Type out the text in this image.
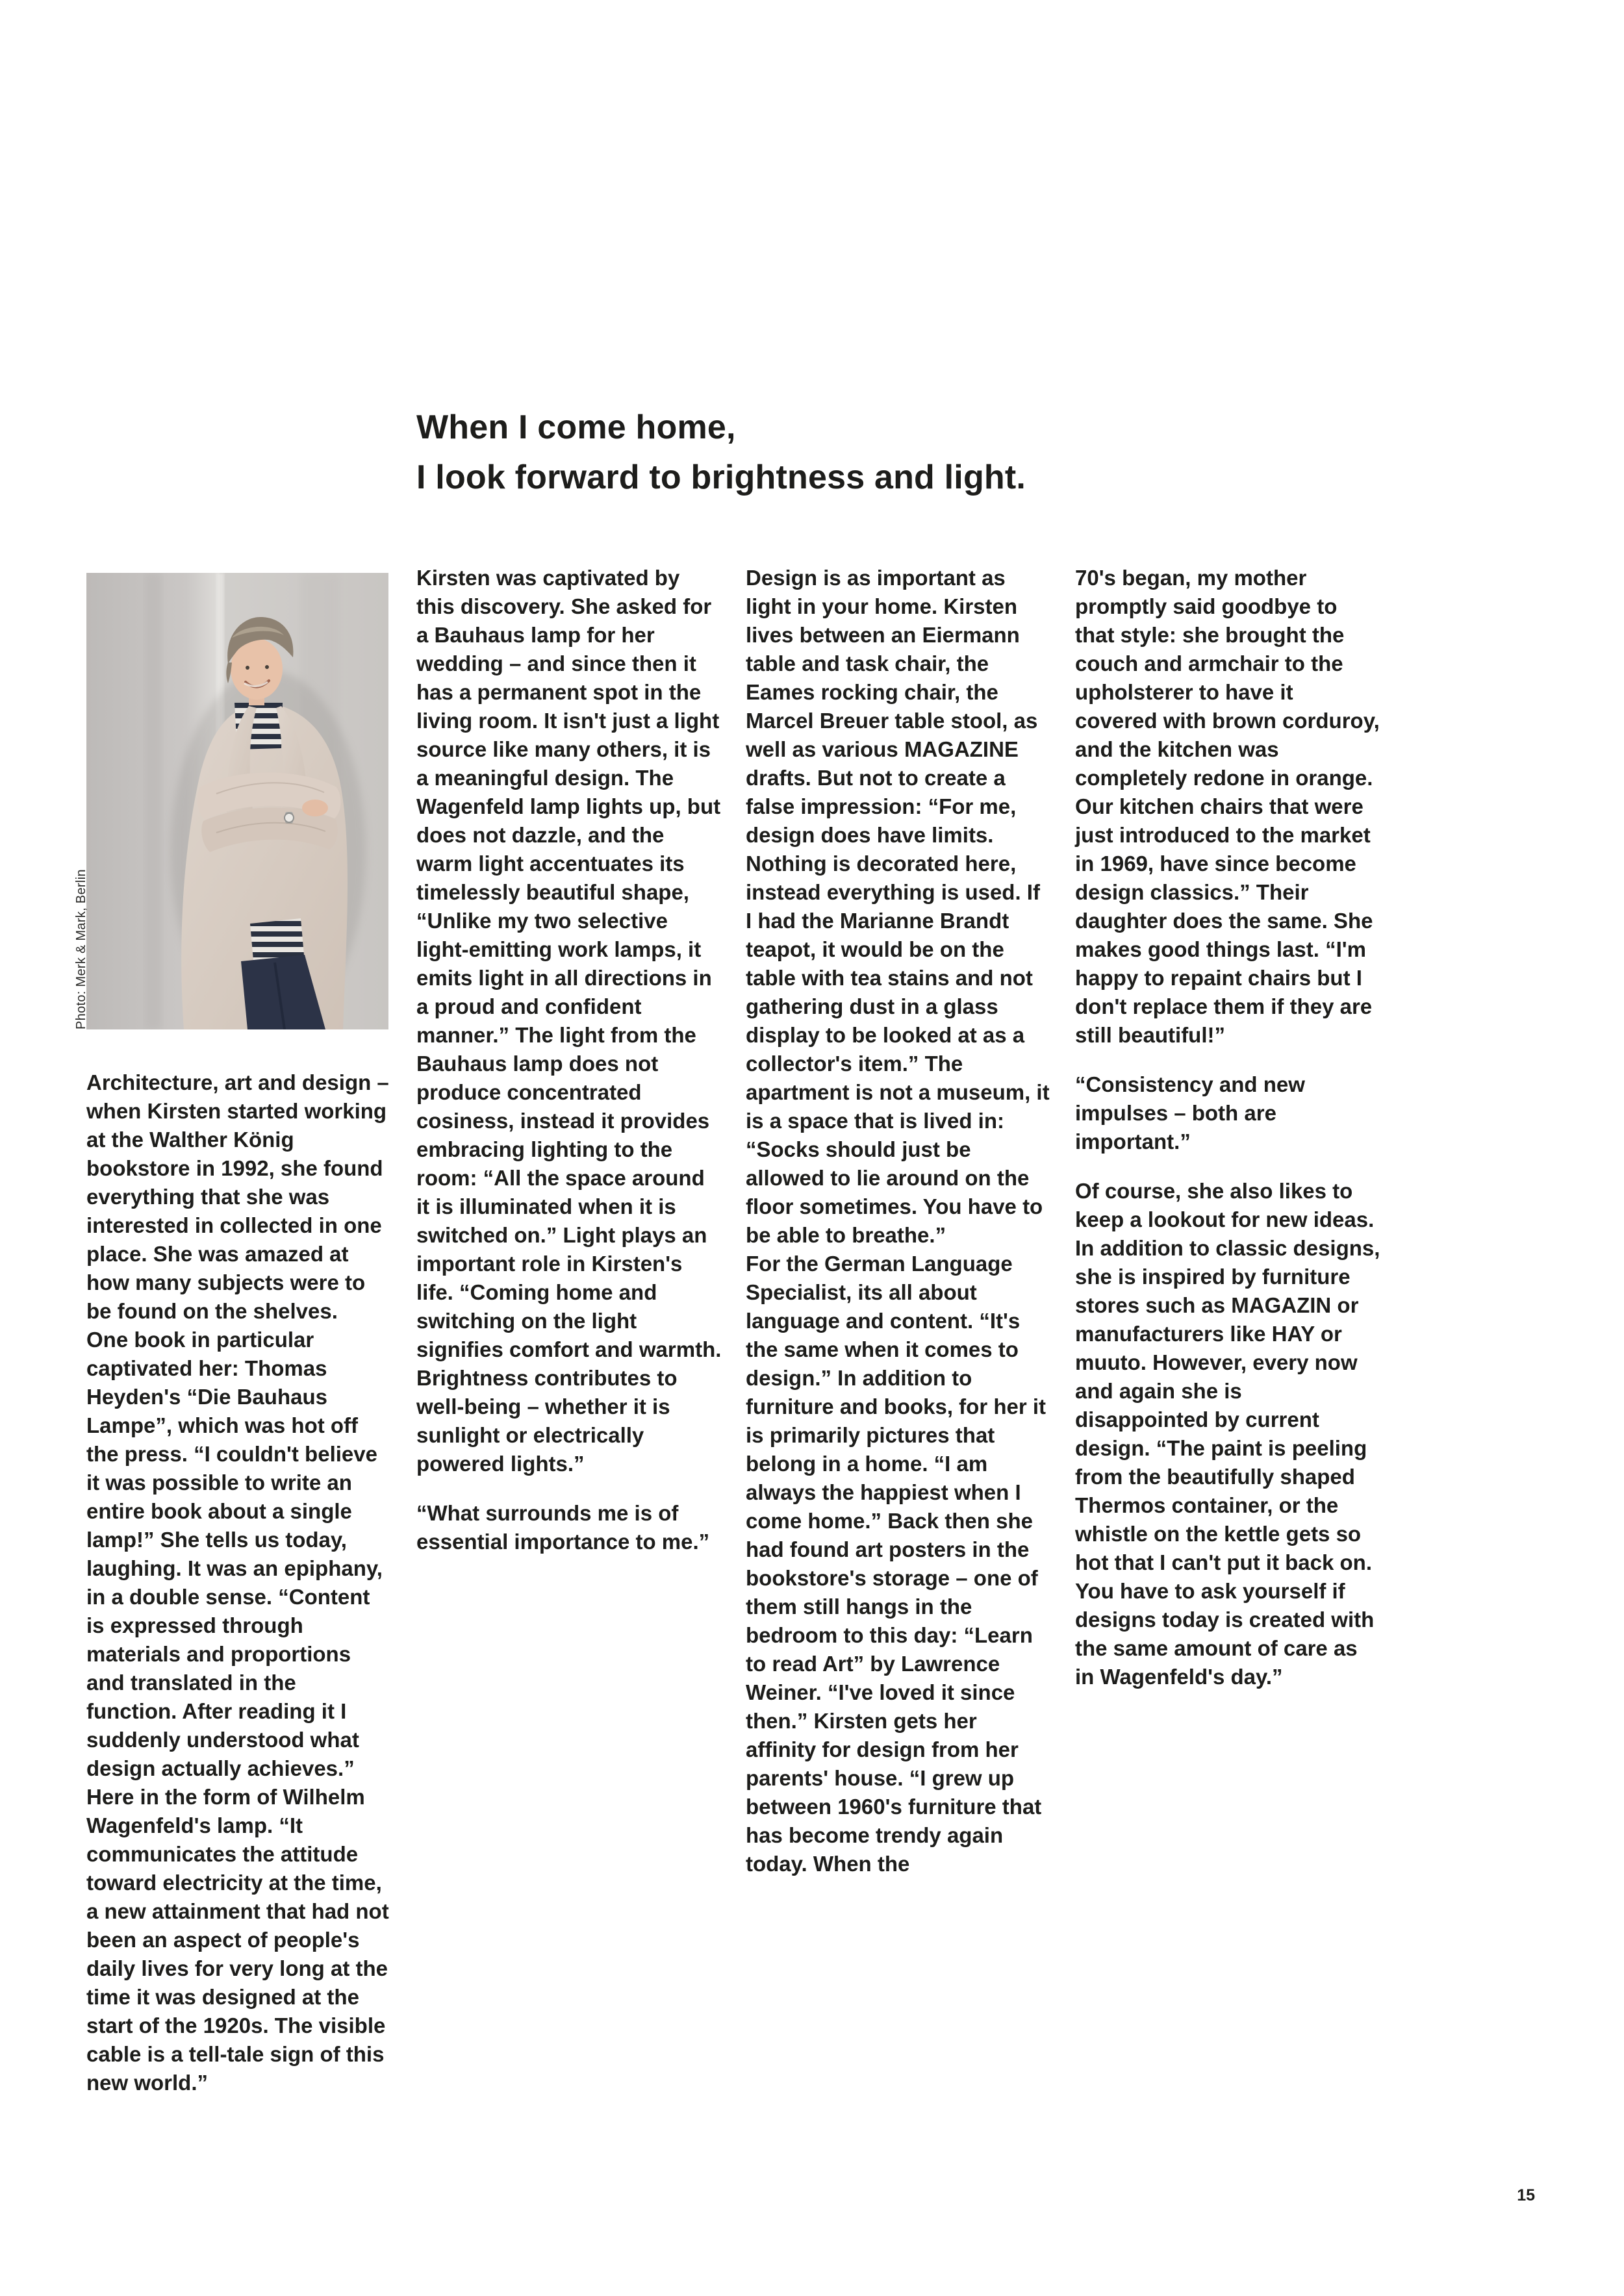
When I come home,
I look forward to brightness and light.
Photo: Merk & Mark, Berlin

Architecture, art and design – when Kirsten started working at the Walther König bookstore in 1992, she found everything that she was interested in collected in one place. She was amazed at how many subjects were to be found on the shelves.

One book in particular captivated her: Thomas Heyden's “Die Bauhaus Lampe”, which was hot off the press. “I couldn't believe it was possible to write an entire book about a single lamp!” She tells us today, laughing. It was an epiphany, in a double sense. “Content is expressed through materials and proportions and translated in the function. After reading it I suddenly understood what design actually achieves.” Here in the form of Wilhelm Wagenfeld's lamp. “It communicates the attitude toward electricity at the time, a new attainment that had not been an aspect of people's daily lives for very long at the time it was designed at the start of the 1920s. The visible cable is a tell-tale sign of this new world.”

Kirsten was captivated by this discovery. She asked for a Bauhaus lamp for her wedding – and since then it has a permanent spot in the living room. It isn't just a light source like many others, it is a meaningful design. The Wagenfeld lamp lights up, but does not dazzle, and the warm light accentuates its timelessly beautiful shape, “Unlike my two selective light-emitting work lamps, it emits light in all directions in a proud and confident manner.” The light from the Bauhaus lamp does not produce concentrated cosiness, instead it provides embracing lighting to the room: “All the space around it is illuminated when it is switched on.” Light plays an important role in Kirsten's life. “Coming home and switching on the light signifies comfort and warmth. Brightness contributes to well-being – whether it is sunlight or electrically powered lights.”

“What surrounds me is of essential importance to me.”

Design is as important as light in your home. Kirsten lives between an Eiermann table and task chair, the Eames rocking chair, the Marcel Breuer table stool, as well as various MAGAZINE drafts. But not to create a false impression: “For me, design does have limits. Nothing is decorated here, instead everything is used. If I had the Marianne Brandt teapot, it would be on the table with tea stains and not gathering dust in a glass display to be looked at as a collector's item.” The apartment is not a museum, it is a space that is lived in:

“Socks should just be allowed to lie around on the floor sometimes. You have to be able to breathe.”

For the German Language Specialist, its all about language and content. “It's the same when it comes to design.” In addition to furniture and books, for her it is primarily pictures that belong in a home. “I am always the happiest when I come home.” Back then she had found art posters in the bookstore's storage – one of them still hangs in the bedroom to this day: “Learn to read Art” by Lawrence Weiner. “I've loved it since then.” Kirsten gets her affinity for design from her parents' house. “I grew up between 1960's furniture that has become trendy again today. When the

70's began, my mother promptly said goodbye to that style: she brought the couch and armchair to the upholsterer to have it covered with brown corduroy, and the kitchen was completely redone in orange. Our kitchen chairs that were just introduced to the market in 1969, have since become design classics.” Their daughter does the same. She makes good things last. “I'm happy to repaint chairs but I don't replace them if they are still beautiful!”

“Consistency and new impulses – both are important.”

Of course, she also likes to keep a lookout for new ideas. In addition to classic designs, she is inspired by furniture stores such as MAGAZIN or manufacturers like HAY or muuto. However, every now and again she is disappointed by current design. “The paint is peeling from the beautifully shaped Thermos container, or the whistle on the kettle gets so hot that I can't put it back on. You have to ask yourself if designs today is created with the same amount of care as in Wagenfeld's day.”

15
